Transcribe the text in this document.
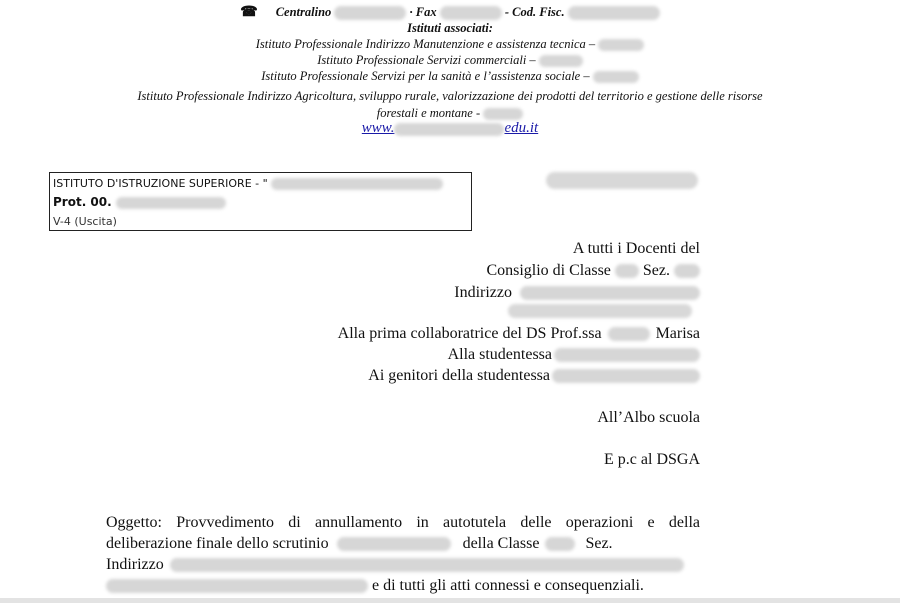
☎ Centralino	· Fax	- Cod. Fisc.
Istituti associati:
Istituto Professionale Indirizzo Manutenzione e assistenza tecnica –
Istituto Professionale Servizi commerciali –
Istituto Professionale Servizi per la sanità e l’assistenza sociale –
Istituto Professionale Indirizzo Agricoltura, sviluppo rurale, valorizzazione dei prodotti del territorio e gestione delle risorse
forestali e montane -
www.	edu.it
ISTITUTO D'ISTRUZIONE SUPERIORE - "
Prot. 00.
V-4 (Uscita)
A tutti i Docenti del
Consiglio di Classe Sez.
Indirizzo
Alla prima collaboratrice del DS Prof.ssa	Marisa
Alla studentessa
Ai genitori della studentessa
All’Albo scuola
E p.c al DSGA
Oggetto: Provvedimento di annullamento in autotutela delle operazioni e della
deliberazione finale dello scrutinio	della Classe	Sez.
Indirizzo
e di tutti gli atti connessi e consequenziali.
